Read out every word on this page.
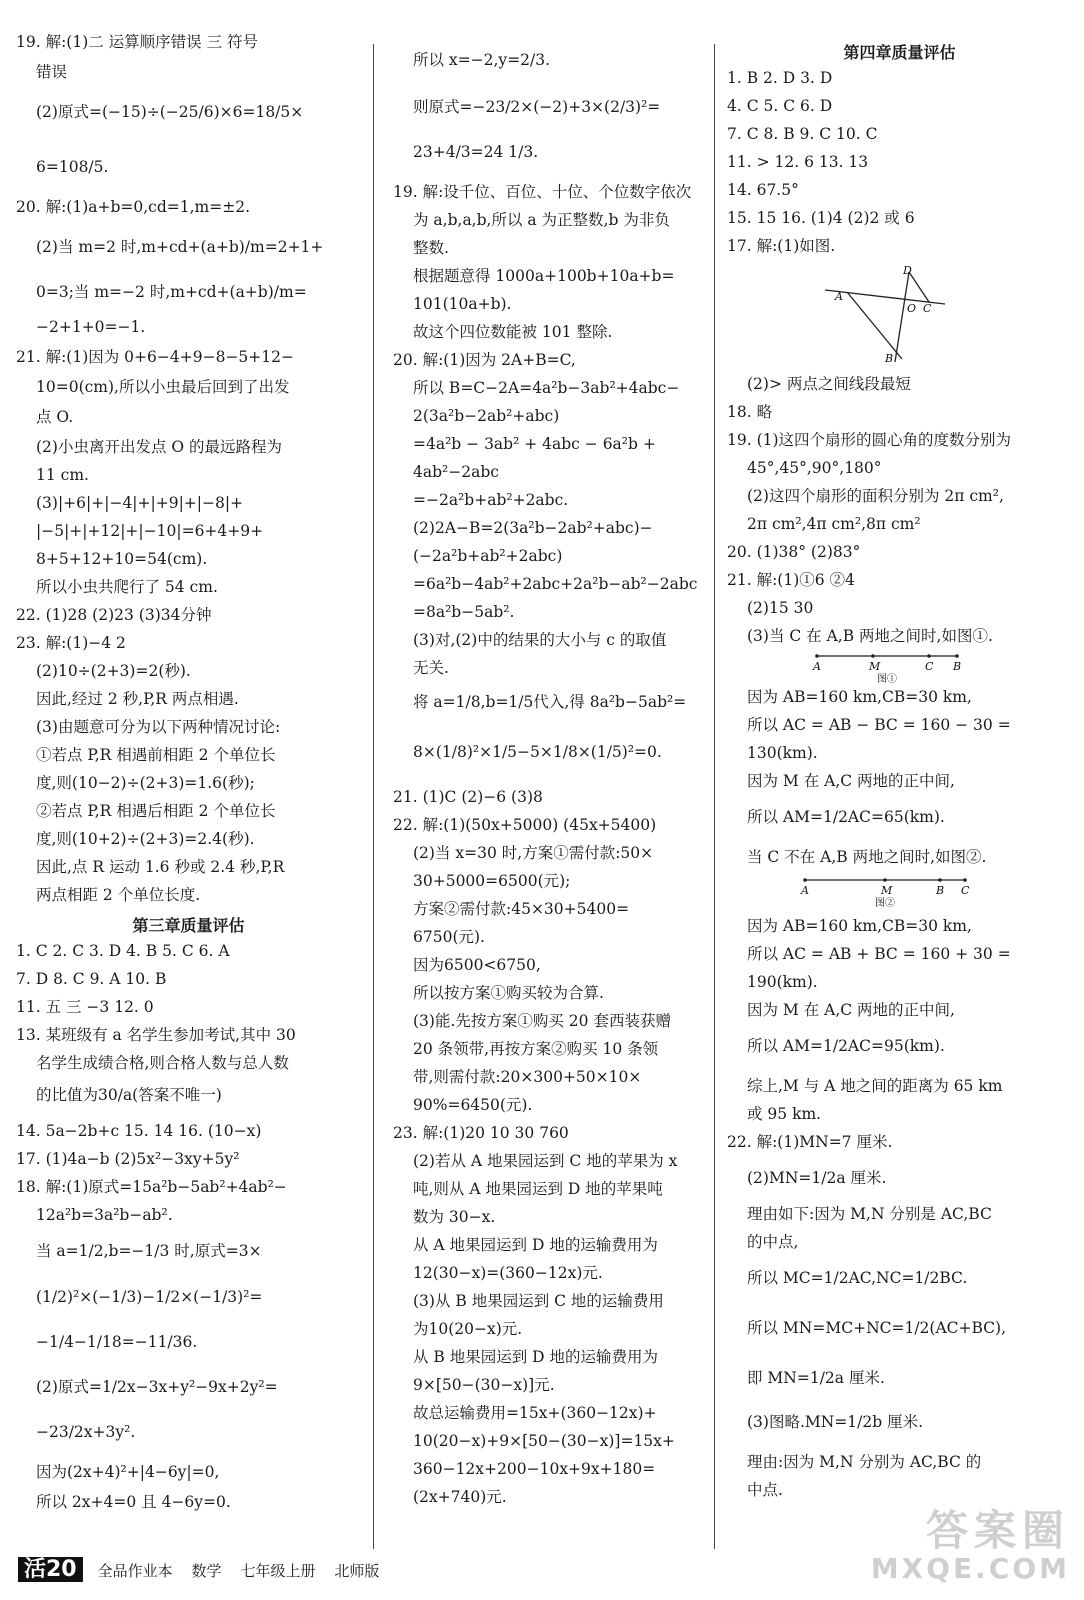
19. 解:(1)二 运算顺序错误 三 符号
错误
(2)原式=(−15)÷(−25/6)×6=18/5×
6=108/5.
20. 解:(1)a+b=0,cd=1,m=±2.
(2)当 m=2 时,m+cd+(a+b)/m=2+1+
0=3;当 m=−2 时,m+cd+(a+b)/m=
−2+1+0=−1.
21. 解:(1)因为 0+6−4+9−8−5+12−
10=0(cm),所以小虫最后回到了出发
点 O.
(2)小虫离开出发点 O 的最远路程为
11 cm.
(3)|+6|+|−4|+|+9|+|−8|+
|−5|+|+12|+|−10|=6+4+9+
8+5+12+10=54(cm).
所以小虫共爬行了 54 cm.
22. (1)28 (2)23 (3)34分钟
23. 解:(1)−4 2
(2)10÷(2+3)=2(秒).
因此,经过 2 秒,P,R 两点相遇.
(3)由题意可分为以下两种情况讨论:
①若点 P,R 相遇前相距 2 个单位长
度,则(10−2)÷(2+3)=1.6(秒);
②若点 P,R 相遇后相距 2 个单位长
度,则(10+2)÷(2+3)=2.4(秒).
因此,点 R 运动 1.6 秒或 2.4 秒,P,R
两点相距 2 个单位长度.
第三章质量评估
1. C 2. C 3. D 4. B 5. C 6. A
7. D 8. C 9. A 10. B
11. 五 三 −3 12. 0
13. 某班级有 a 名学生参加考试,其中 30
名学生成绩合格,则合格人数与总人数
的比值为30/a(答案不唯一)
14. 5a−2b+c 15. 14 16. (10−x)
17. (1)4a−b (2)5x²−3xy+5y²
18. 解:(1)原式=15a²b−5ab²+4ab²−
12a²b=3a²b−ab².
当 a=1/2,b=−1/3 时,原式=3×
(1/2)²×(−1/3)−1/2×(−1/3)²=
−1/4−1/18=−11/36.
(2)原式=1/2x−3x+y²−9x+2y²=
−23/2x+3y².
因为(2x+4)²+|4−6y|=0,
所以 2x+4=0 且 4−6y=0.
所以 x=−2,y=2/3.
则原式=−23/2×(−2)+3×(2/3)²=
23+4/3=24 1/3.
19. 解:设千位、百位、十位、个位数字依次
为 a,b,a,b,所以 a 为正整数,b 为非负
整数.
根据题意得 1000a+100b+10a+b=
101(10a+b).
故这个四位数能被 101 整除.
20. 解:(1)因为 2A+B=C,
所以 B=C−2A=4a²b−3ab²+4abc−
2(3a²b−2ab²+abc)
=4a²b − 3ab² + 4abc − 6a²b +
4ab²−2abc
=−2a²b+ab²+2abc.
(2)2A−B=2(3a²b−2ab²+abc)−
(−2a²b+ab²+2abc)
=6a²b−4ab²+2abc+2a²b−ab²−2abc
=8a²b−5ab².
(3)对,(2)中的结果的大小与 c 的取值
无关.
将 a=1/8,b=1/5代入,得 8a²b−5ab²=
8×(1/8)²×1/5−5×1/8×(1/5)²=0.
21. (1)C (2)−6 (3)8
22. 解:(1)(50x+5000) (45x+5400)
(2)当 x=30 时,方案①需付款:50×
30+5000=6500(元);
方案②需付款:45×30+5400=
6750(元).
因为6500<6750,
所以按方案①购买较为合算.
(3)能.先按方案①购买 20 套西装获赠
20 条领带,再按方案②购买 10 条领
带,则需付款:20×300+50×10×
90%=6450(元).
23. 解:(1)20 10 30 760
(2)若从 A 地果园运到 C 地的苹果为 x
吨,则从 A 地果园运到 D 地的苹果吨
数为 30−x.
从 A 地果园运到 D 地的运输费用为
12(30−x)=(360−12x)元.
(3)从 B 地果园运到 C 地的运输费用
为10(20−x)元.
从 B 地果园运到 D 地的运输费用为
9×[50−(30−x)]元.
故总运输费用=15x+(360−12x)+
10(20−x)+9×[50−(30−x)]=15x+
360−12x+200−10x+9x+180=
(2x+740)元.
第四章质量评估
1. B 2. D 3. D
4. C 5. C 6. D
7. C 8. B 9. C 10. C
11. > 12. 6 13. 13
14. 67.5°
15. 15 16. (1)4 (2)2 或 6
17. 解:(1)如图.
A
B
D
O C
(2)> 两点之间线段最短
18. 略
19. (1)这四个扇形的圆心角的度数分别为
45°,45°,90°,180°
(2)这四个扇形的面积分别为 2π cm²,
2π cm²,4π cm²,8π cm²
20. (1)38° (2)83°
21. 解:(1)①6 ②4
(2)15 30
(3)当 C 在 A,B 两地之间时,如图①.
A	M	C B
图①
因为 AB=160 km,CB=30 km,
所以 AC = AB − BC = 160 − 30 =
130(km).
因为 M 在 A,C 两地的正中间,
所以 AM=1/2AC=65(km).
当 C 不在 A,B 两地之间时,如图②.
A	M	B C
图②
因为 AB=160 km,CB=30 km,
所以 AC = AB + BC = 160 + 30 =
190(km).
因为 M 在 A,C 两地的正中间,
所以 AM=1/2AC=95(km).
综上,M 与 A 地之间的距离为 65 km
或 95 km.
22. 解:(1)MN=7 厘米.
(2)MN=1/2a 厘米.
理由如下:因为 M,N 分别是 AC,BC
的中点,
所以 MC=1/2AC,NC=1/2BC.
所以 MN=MC+NC=1/2(AC+BC),
即 MN=1/2a 厘米.
(3)图略.MN=1/2b 厘米.
理由:因为 M,N 分别为 AC,BC 的
中点.
活20 全品作业本 数学 七年级上册 北师版
答案圈
MXQE.COM
